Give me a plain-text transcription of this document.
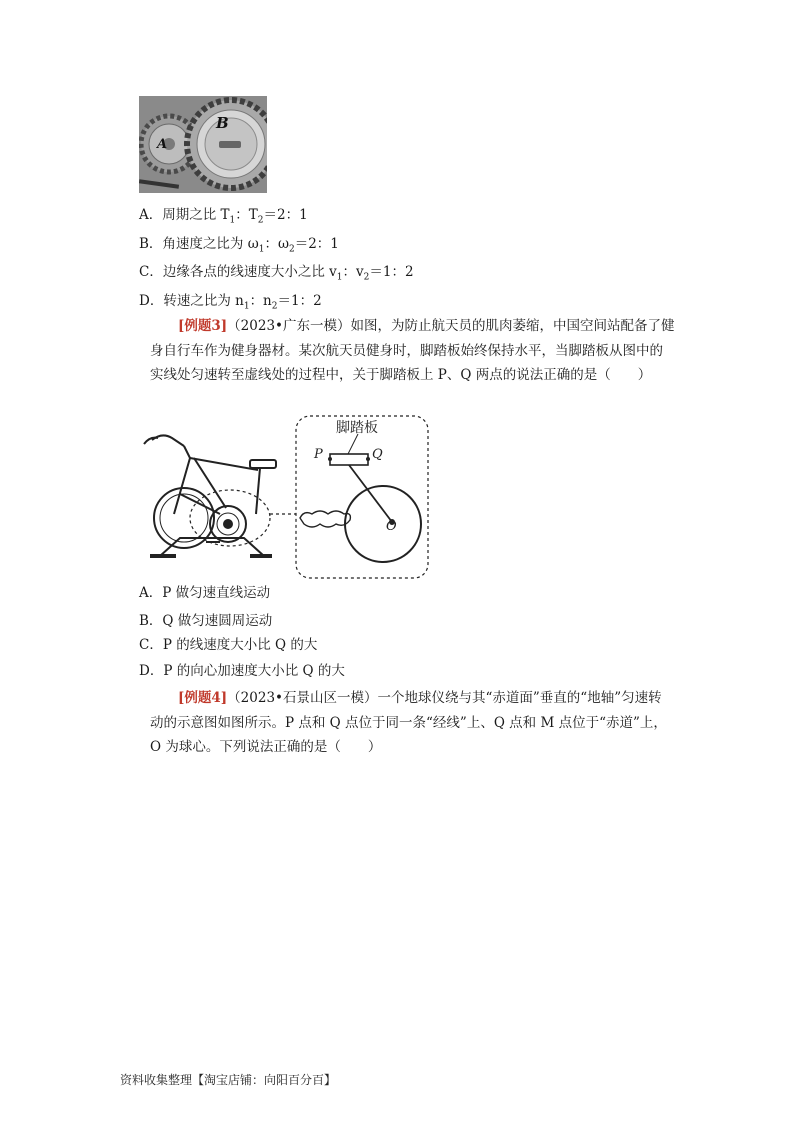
A
B
A．周期之比 $T_1$：$T_2=2$：1
B．角速度之比为 $\omega_1$：$\omega_2=2$：1
C．边缘各点的线速度大小之比 $v_1$：$v_2=1$：2
D．转速之比为 $n_1$：$n_2=1$：2
[例题3]（2023•广东一模）如图，为防止航天员的肌肉萎缩，中国空间站配备了健身自行车作为健身器材。某次航天员健身时，脚踏板始终保持水平，当脚踏板从图中的实线处匀速转至虚线处的过程中，关于脚踏板上 P、Q 两点的说法正确的是（　　）
脚踏板
P	Q
O
A．P 做匀速直线运动
B．Q 做匀速圆周运动
C．P 的线速度大小比 Q 的大
D．P 的向心加速度大小比 Q 的大
[例题4]（2023•石景山区一模）一个地球仪绕与其“赤道面”垂直的“地轴”匀速转动的示意图如图所示。P 点和 Q 点位于同一条“经线”上、Q 点和 M 点位于“赤道”上，O 为球心。下列说法正确的是（　　）
资料收集整理【淘宝店铺：向阳百分百】
